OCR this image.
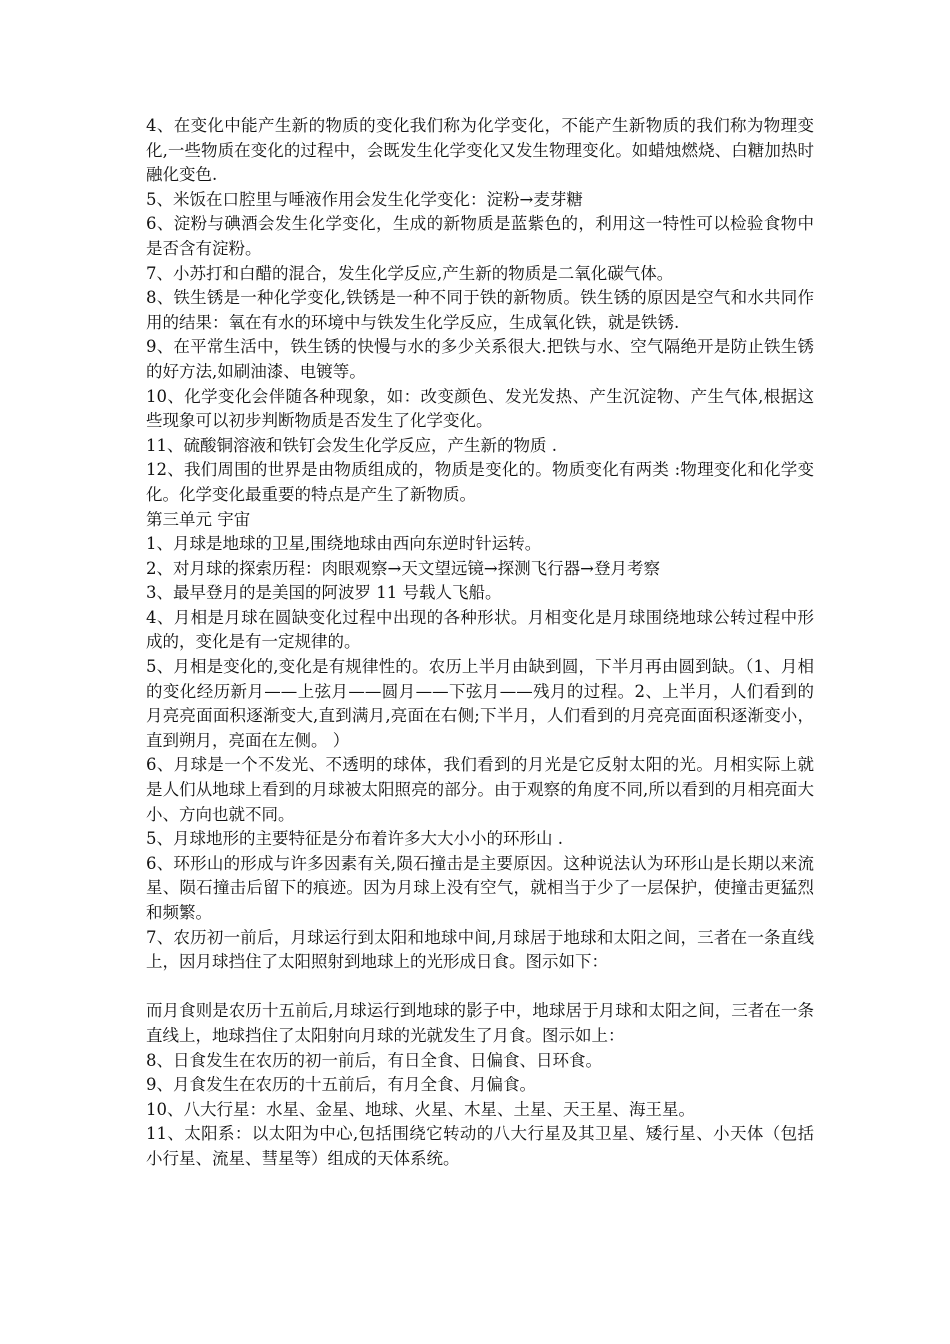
4、在变化中能产生新的物质的变化我们称为化学变化，不能产生新物质的我们称为物理变化,一些物质在变化的过程中，会既发生化学变化又发生物理变化。如蜡烛燃烧、白糖加热时融化变色.

5、米饭在口腔里与唾液作用会发生化学变化：淀粉→麦芽糖

6、淀粉与碘酒会发生化学变化，生成的新物质是蓝紫色的，利用这一特性可以检验食物中是否含有淀粉。

7、小苏打和白醋的混合，发生化学反应,产生新的物质是二氧化碳气体。

8、铁生锈是一种化学变化,铁锈是一种不同于铁的新物质。铁生锈的原因是空气和水共同作用的结果：氧在有水的环境中与铁发生化学反应，生成氧化铁，就是铁锈.

9、在平常生活中，铁生锈的快慢与水的多少关系很大.把铁与水、空气隔绝开是防止铁生锈的好方法,如刷油漆、电镀等。

10、化学变化会伴随各种现象，如：改变颜色、发光发热、产生沉淀物、产生气体,根据这些现象可以初步判断物质是否发生了化学变化。

11、硫酸铜溶液和铁钉会发生化学反应，产生新的物质 .

12、我们周围的世界是由物质组成的，物质是变化的。物质变化有两类 :物理变化和化学变化。化学变化最重要的特点是产生了新物质。

第三单元 宇宙

1、月球是地球的卫星,围绕地球由西向东逆时针运转。

2、对月球的探索历程：肉眼观察→天文望远镜→探测飞行器→登月考察

3、最早登月的是美国的阿波罗 11 号载人飞船。

4、月相是月球在圆缺变化过程中出现的各种形状。月相变化是月球围绕地球公转过程中形成的，变化是有一定规律的。

5、月相是变化的,变化是有规律性的。农历上半月由缺到圆，下半月再由圆到缺。（1、月相的变化经历新月——上弦月——圆月——下弦月——残月的过程。2、上半月，人们看到的月亮亮面面积逐渐变大,直到满月,亮面在右侧;下半月，人们看到的月亮亮面面积逐渐变小，直到朔月，亮面在左侧。 ）

6、月球是一个不发光、不透明的球体，我们看到的月光是它反射太阳的光。月相实际上就是人们从地球上看到的月球被太阳照亮的部分。由于观察的角度不同,所以看到的月相亮面大小、方向也就不同。

5、月球地形的主要特征是分布着许多大大小小的环形山 .

6、环形山的形成与许多因素有关,陨石撞击是主要原因。这种说法认为环形山是长期以来流星、陨石撞击后留下的痕迹。因为月球上没有空气，就相当于少了一层保护，使撞击更猛烈和频繁。

7、农历初一前后，月球运行到太阳和地球中间,月球居于地球和太阳之间，三者在一条直线上，因月球挡住了太阳照射到地球上的光形成日食。图示如下：

而月食则是农历十五前后,月球运行到地球的影子中，地球居于月球和太阳之间，三者在一条直线上，地球挡住了太阳射向月球的光就发生了月食。图示如上：

8、日食发生在农历的初一前后，有日全食、日偏食、日环食。

9、月食发生在农历的十五前后，有月全食、月偏食。

10、八大行星：水星、金星、地球、火星、木星、土星、天王星、海王星。

11、太阳系：以太阳为中心,包括围绕它转动的八大行星及其卫星、矮行星、小天体（包括小行星、流星、彗星等）组成的天体系统。
